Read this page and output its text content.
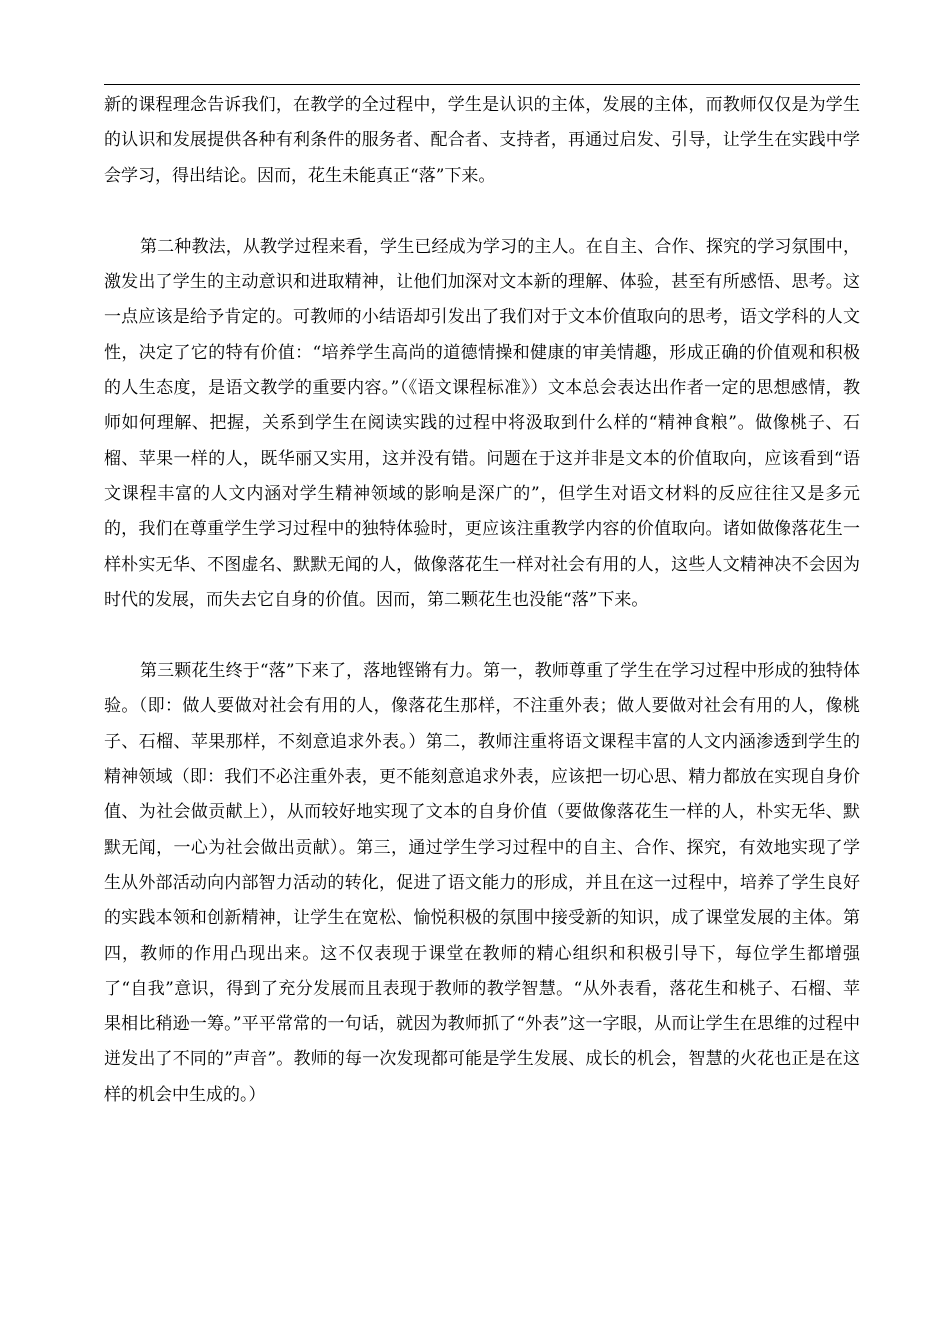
新的课程理念告诉我们，在教学的全过程中，学生是认识的主体，发展的主体，而教师仅仅是为学生的认识和发展提供各种有利条件的服务者、配合者、支持者，再通过启发、引导，让学生在实践中学会学习，得出结论。因而，花生未能真正“落”下来。

第二种教法，从教学过程来看，学生已经成为学习的主人。在自主、合作、探究的学习氛围中，激发出了学生的主动意识和进取精神，让他们加深对文本新的理解、体验，甚至有所感悟、思考。这一点应该是给予肯定的。可教师的小结语却引发出了我们对于文本价值取向的思考，语文学科的人文性，决定了它的特有价值：“培养学生高尚的道德情操和健康的审美情趣，形成正确的价值观和积极的人生态度，是语文教学的重要内容。”（《语文课程标准》）文本总会表达出作者一定的思想感情，教师如何理解、把握，关系到学生在阅读实践的过程中将汲取到什么样的“精神食粮”。做像桃子、石榴、苹果一样的人，既华丽又实用，这并没有错。问题在于这并非是文本的价值取向，应该看到“语文课程丰富的人文内涵对学生精神领域的影响是深广的”，但学生对语文材料的反应往往又是多元的，我们在尊重学生学习过程中的独特体验时，更应该注重教学内容的价值取向。诸如做像落花生一样朴实无华、不图虚名、默默无闻的人，做像落花生一样对社会有用的人，这些人文精神决不会因为时代的发展，而失去它自身的价值。因而，第二颗花生也没能“落”下来。

第三颗花生终于“落”下来了，落地铿锵有力。第一，教师尊重了学生在学习过程中形成的独特体验。（即：做人要做对社会有用的人，像落花生那样，不注重外表；做人要做对社会有用的人，像桃子、石榴、苹果那样，不刻意追求外表。）第二，教师注重将语文课程丰富的人文内涵渗透到学生的精神领域（即：我们不必注重外表，更不能刻意追求外表，应该把一切心思、精力都放在实现自身价值、为社会做贡献上），从而较好地实现了文本的自身价值（要做像落花生一样的人，朴实无华、默默无闻，一心为社会做出贡献）。第三，通过学生学习过程中的自主、合作、探究，有效地实现了学生从外部活动向内部智力活动的转化，促进了语文能力的形成，并且在这一过程中，培养了学生良好的实践本领和创新精神，让学生在宽松、愉悦积极的氛围中接受新的知识，成了课堂发展的主体。第四，教师的作用凸现出来。这不仅表现于课堂在教师的精心组织和积极引导下，每位学生都增强了“自我”意识，得到了充分发展而且表现于教师的教学智慧。“从外表看，落花生和桃子、石榴、苹果相比稍逊一筹。”平平常常的一句话，就因为教师抓了“外表”这一字眼，从而让学生在思维的过程中迸发出了不同的”声音”。教师的每一次发现都可能是学生发展、成长的机会，智慧的火花也正是在这样的机会中生成的。）
